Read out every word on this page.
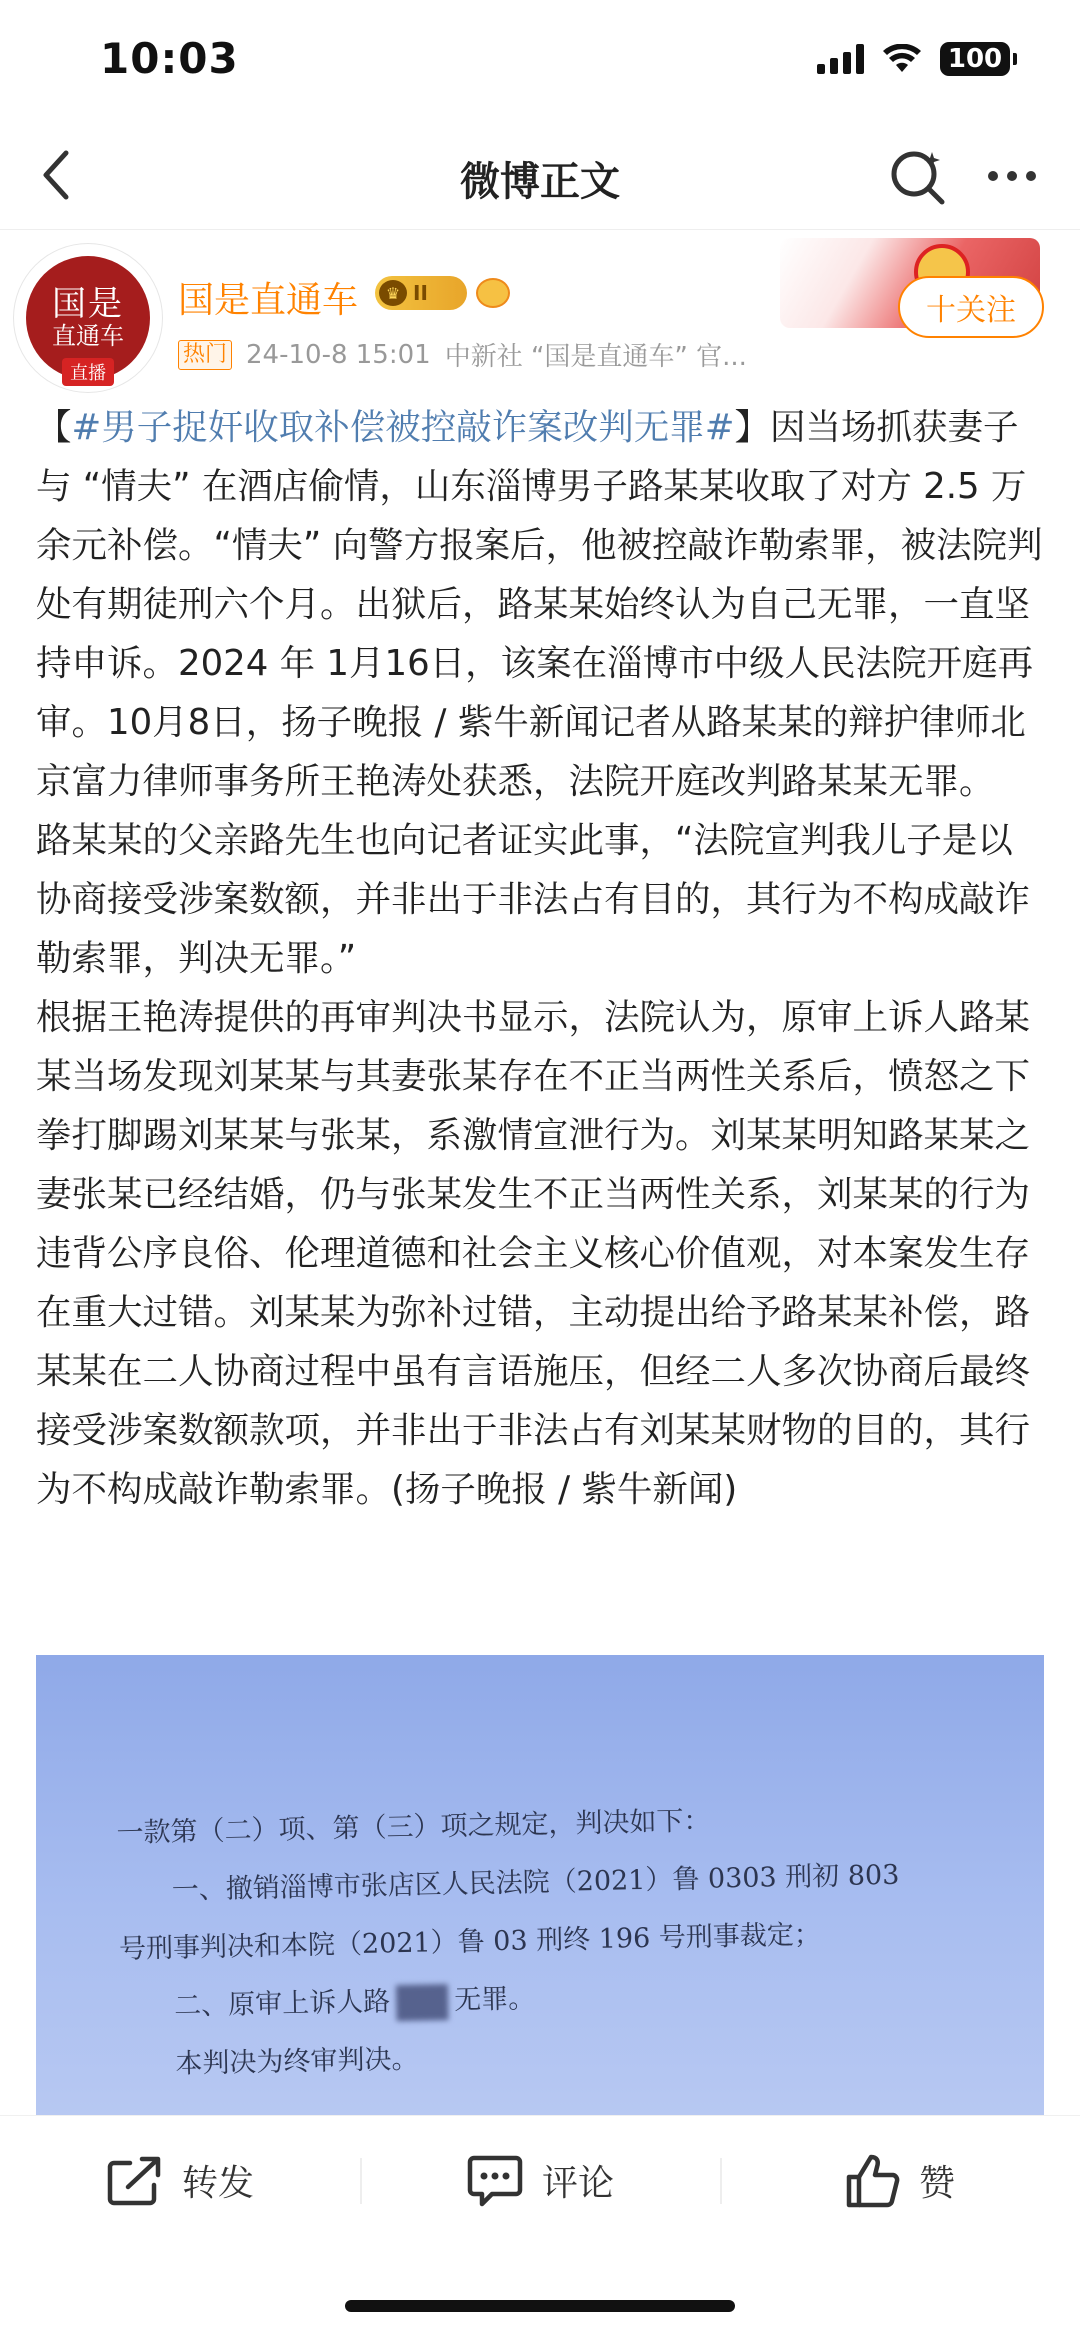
10:03	100
微博正文
国是
直通车
直播
国是直通车	♛ II
热门 24-10-8 15:01 中新社 “国是直通车” 官...
十关注

【#男子捉奸收取补偿被控敲诈案改判无罪#】因当场抓获妻子与 “情夫” 在酒店偷情，山东淄博男子路某某收取了对方 2.5 万余元补偿。“情夫” 向警方报案后，他被控敲诈勒索罪，被法院判处有期徒刑六个月。出狱后，路某某始终认为自己无罪，一直坚持申诉。2024 年 1月16日，该案在淄博市中级人民法院开庭再审。10月8日，扬子晚报 / 紫牛新闻记者从路某某的辩护律师北京富力律师事务所王艳涛处获悉，法院开庭改判路某某无罪。

路某某的父亲路先生也向记者证实此事，“法院宣判我儿子是以协商接受涉案数额，并非出于非法占有目的，其行为不构成敲诈勒索罪，判决无罪。”

根据王艳涛提供的再审判决书显示，法院认为，原审上诉人路某某当场发现刘某某与其妻张某存在不正当两性关系后，愤怒之下拳打脚踢刘某某与张某，系激情宣泄行为。刘某某明知路某某之妻张某已经结婚，仍与张某发生不正当两性关系，刘某某的行为违背公序良俗、伦理道德和社会主义核心价值观，对本案发生存在重大过错。刘某某为弥补过错，主动提出给予路某某补偿，路某某在二人协商过程中虽有言语施压，但经二人多次协商后最终接受涉案数额款项，并非出于非法占有刘某某财物的目的，其行为不构成敲诈勒索罪。(扬子晚报 / 紫牛新闻)

一款第（二）项、第（三）项之规定，判决如下：
一、撤销淄博市张店区人民法院（2021）鲁 0303 刑初 803
号刑事判决和本院（2021）鲁 03 刑终 196 号刑事裁定；
二、原审上诉人路 无罪。
本判决为终审判决。
转发	评论	赞
